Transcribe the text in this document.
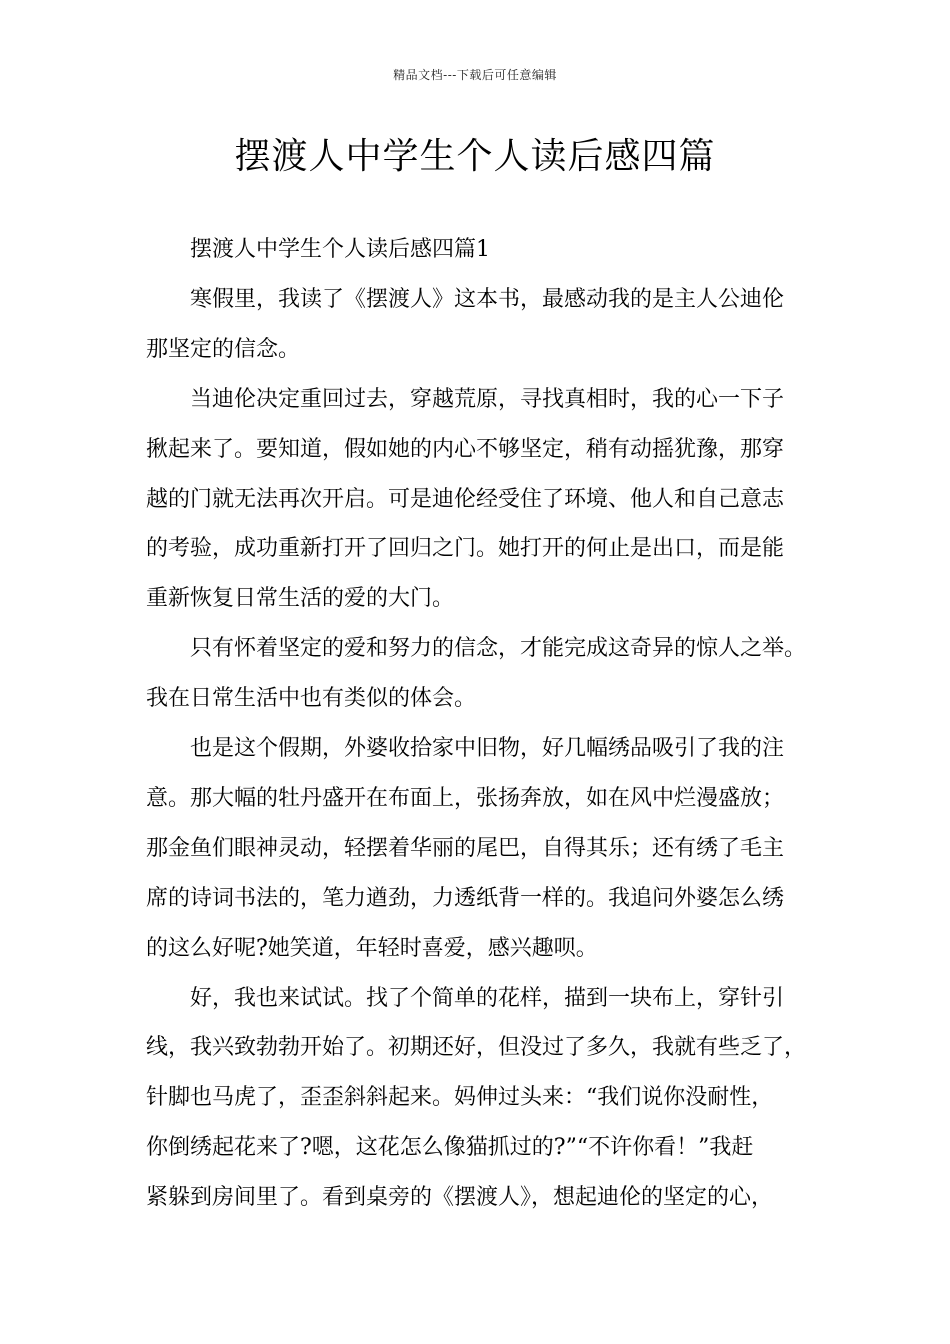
精品文档---下载后可任意编辑
摆渡人中学生个人读后感四篇
摆渡人中学生个人读后感四篇1
寒假里，我读了《摆渡人》这本书，最感动我的是主人公迪伦
那坚定的信念。
当迪伦决定重回过去，穿越荒原，寻找真相时，我的心一下子
揪起来了。要知道，假如她的内心不够坚定，稍有动摇犹豫，那穿
越的门就无法再次开启。可是迪伦经受住了环境、他人和自己意志
的考验，成功重新打开了回归之门。她打开的何止是出口，而是能
重新恢复日常生活的爱的大门。
只有怀着坚定的爱和努力的信念，才能完成这奇异的惊人之举。
我在日常生活中也有类似的体会。
也是这个假期，外婆收拾家中旧物，好几幅绣品吸引了我的注
意。那大幅的牡丹盛开在布面上，张扬奔放，如在风中烂漫盛放；
那金鱼们眼神灵动，轻摆着华丽的尾巴，自得其乐；还有绣了毛主
席的诗词书法的，笔力遒劲，力透纸背一样的。我追问外婆怎么绣
的这么好呢?她笑道，年轻时喜爱，感兴趣呗。
好，我也来试试。找了个简单的花样，描到一块布上，穿针引
线，我兴致勃勃开始了。初期还好，但没过了多久，我就有些乏了，
针脚也马虎了，歪歪斜斜起来。妈伸过头来：“我们说你没耐性，
你倒绣起花来了?嗯，这花怎么像猫抓过的?”“不许你看！”我赶
紧躲到房间里了。看到桌旁的《摆渡人》，想起迪伦的坚定的心，
